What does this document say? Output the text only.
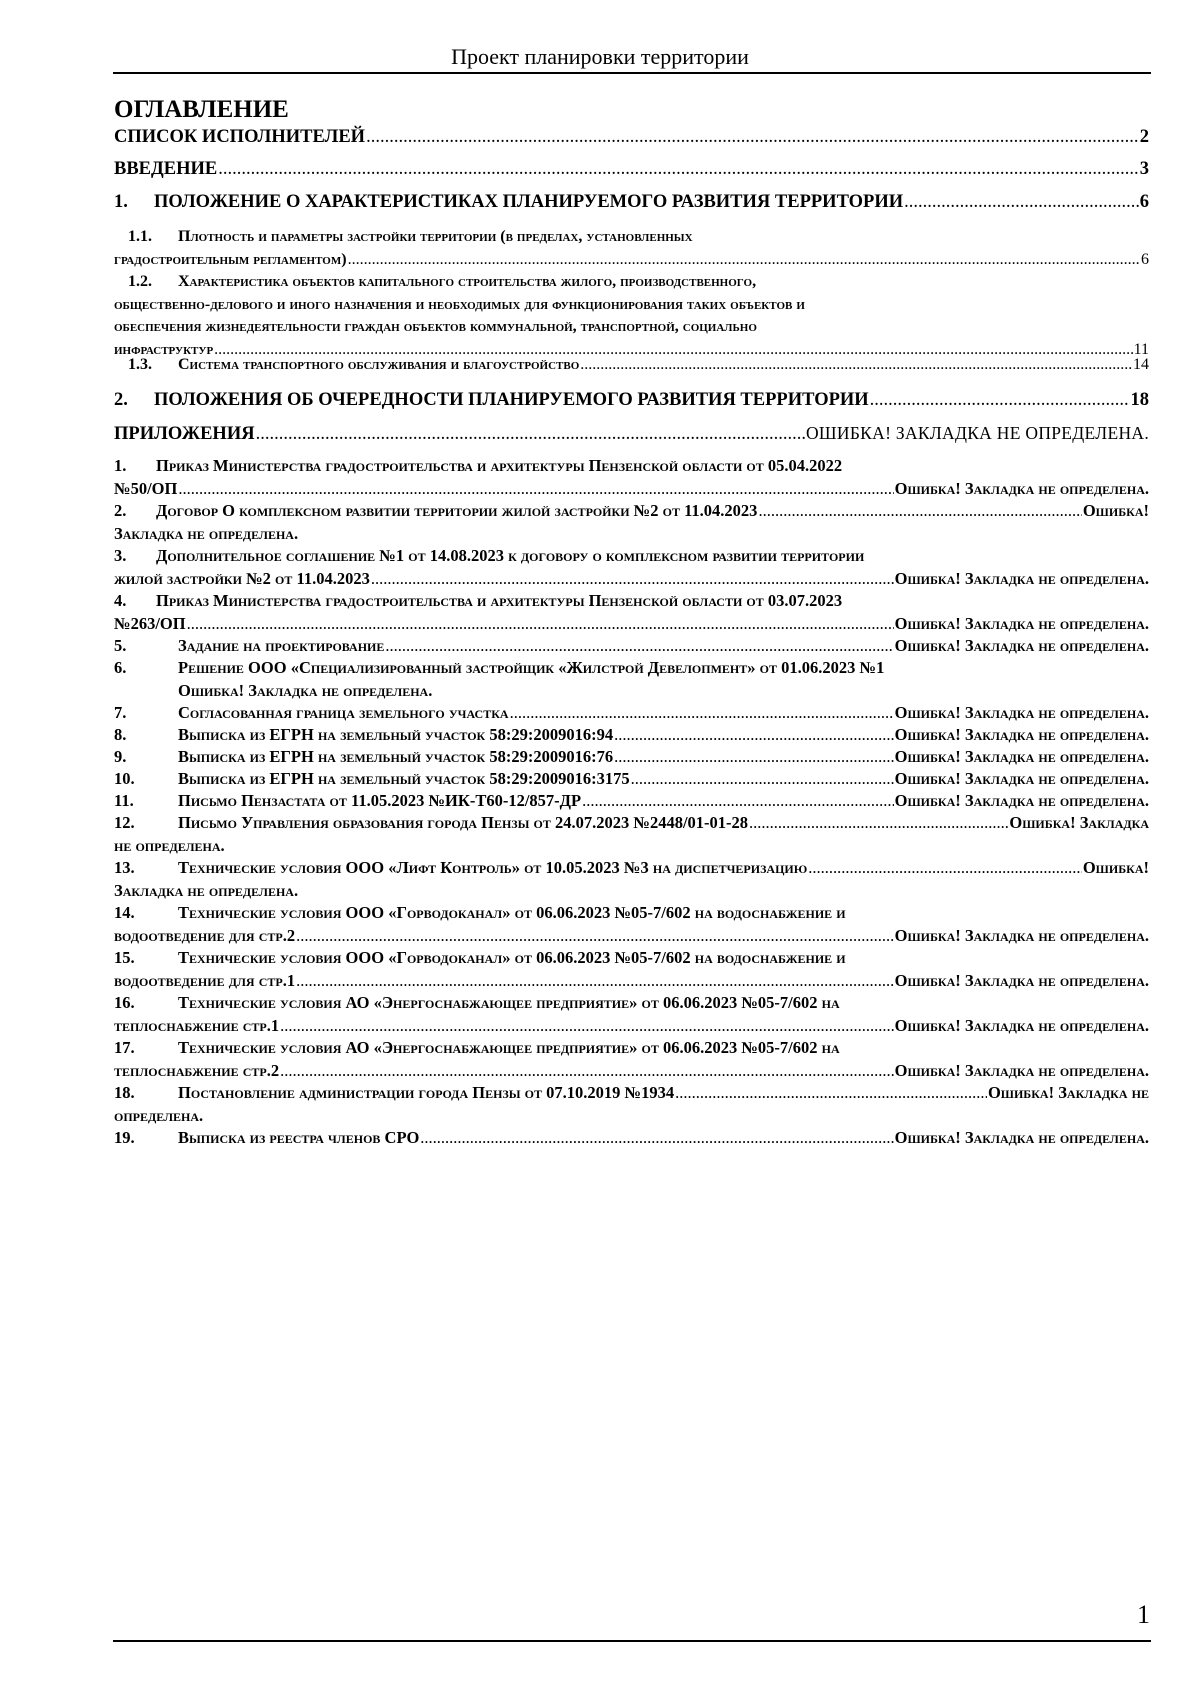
Проект планировки территории
ОГЛАВЛЕНИЕ
СПИСОК ИСПОЛНИТЕЛЕЙ .....	2
ВВЕДЕНИЕ .....	3
1. ПОЛОЖЕНИЕ О ХАРАКТЕРИСТИКАХ ПЛАНИРУЕМОГО РАЗВИТИЯ ТЕРРИТОРИИ .....	6
1.1. Плотность и параметры застройки территории (в пределах, установленных
градостроительным регламентом) .....	6
1.2. Характеристика объектов капитального строительства жилого, производственного,
общественно-делового и иного назначения и необходимых для функционирования таких объектов и
обеспечения жизнедеятельности граждан объектов коммунальной, транспортной, социально
инфраструктур .....	11
1.3. Система транспортного обслуживания и благоустройство .....	14
2. ПОЛОЖЕНИЯ ОБ ОЧЕРЕДНОСТИ ПЛАНИРУЕМОГО РАЗВИТИЯ ТЕРРИТОРИИ .....	18
ПРИЛОЖЕНИЯ .....	ОШИБКА! ЗАКЛАДКА НЕ ОПРЕДЕЛЕНА.
1. Приказ Министерства градостроительства и архитектуры Пензенской области от 05.04.2022
№50/ОП .....	Ошибка! Закладка не определена.
2. Договор О комплексном развитии территории жилой застройки №2 от 11.04.2023 .....	Ошибка!
Закладка не определена.
3. Дополнительное соглашение №1 от 14.08.2023 к договору о комплексном развитии территории
жилой застройки №2 от 11.04.2023 .....	Ошибка! Закладка не определена.
4. Приказ Министерства градостроительства и архитектуры Пензенской области от 03.07.2023
№263/ОП .....	Ошибка! Закладка не определена.
5.	Задание на проектирование .....	Ошибка! Закладка не определена.
6.	Решение ООО «Специализированный застройщик «Жилстрой Девелопмент» от 01.06.2023 №1
Ошибка! Закладка не определена.
7.	Согласованная граница земельного участка .....	Ошибка! Закладка не определена.
8.	Выписка из ЕГРН на земельный участок 58:29:2009016:94 .....	Ошибка! Закладка не определена.
9.	Выписка из ЕГРН на земельный участок 58:29:2009016:76 .....	Ошибка! Закладка не определена.
10.	Выписка из ЕГРН на земельный участок 58:29:2009016:3175 .....	Ошибка! Закладка не определена.
11.	Письмо Пензастата от 11.05.2023 №ИК-Т60-12/857-ДР .....	Ошибка! Закладка не определена.
12.	Письмо Управления образования города Пензы от 24.07.2023 №2448/01-01-28 .....	Ошибка! Закладка
не определена.
13.	Технические условия ООО «Лифт Контроль» от 10.05.2023 №3 на диспетчеризацию .....	Ошибка!
Закладка не определена.
14.	Технические условия ООО «Горводоканал» от 06.06.2023 №05-7/602 на водоснабжение и
водоотведение для стр.2 .....	Ошибка! Закладка не определена.
15.	Технические условия ООО «Горводоканал» от 06.06.2023 №05-7/602 на водоснабжение и
водоотведение для стр.1 .....	Ошибка! Закладка не определена.
16.	Технические условия АО «Энергоснабжающее предприятие» от 06.06.2023 №05-7/602 на
теплоснабжение стр.1 .....	Ошибка! Закладка не определена.
17.	Технические условия АО «Энергоснабжающее предприятие» от 06.06.2023 №05-7/602 на
теплоснабжение стр.2 .....	Ошибка! Закладка не определена.
18.	Постановление администрации города Пензы от 07.10.2019 №1934 .....	Ошибка! Закладка не
определена.
19.	Выписка из реестра членов СРО .....	Ошибка! Закладка не определена.
1
